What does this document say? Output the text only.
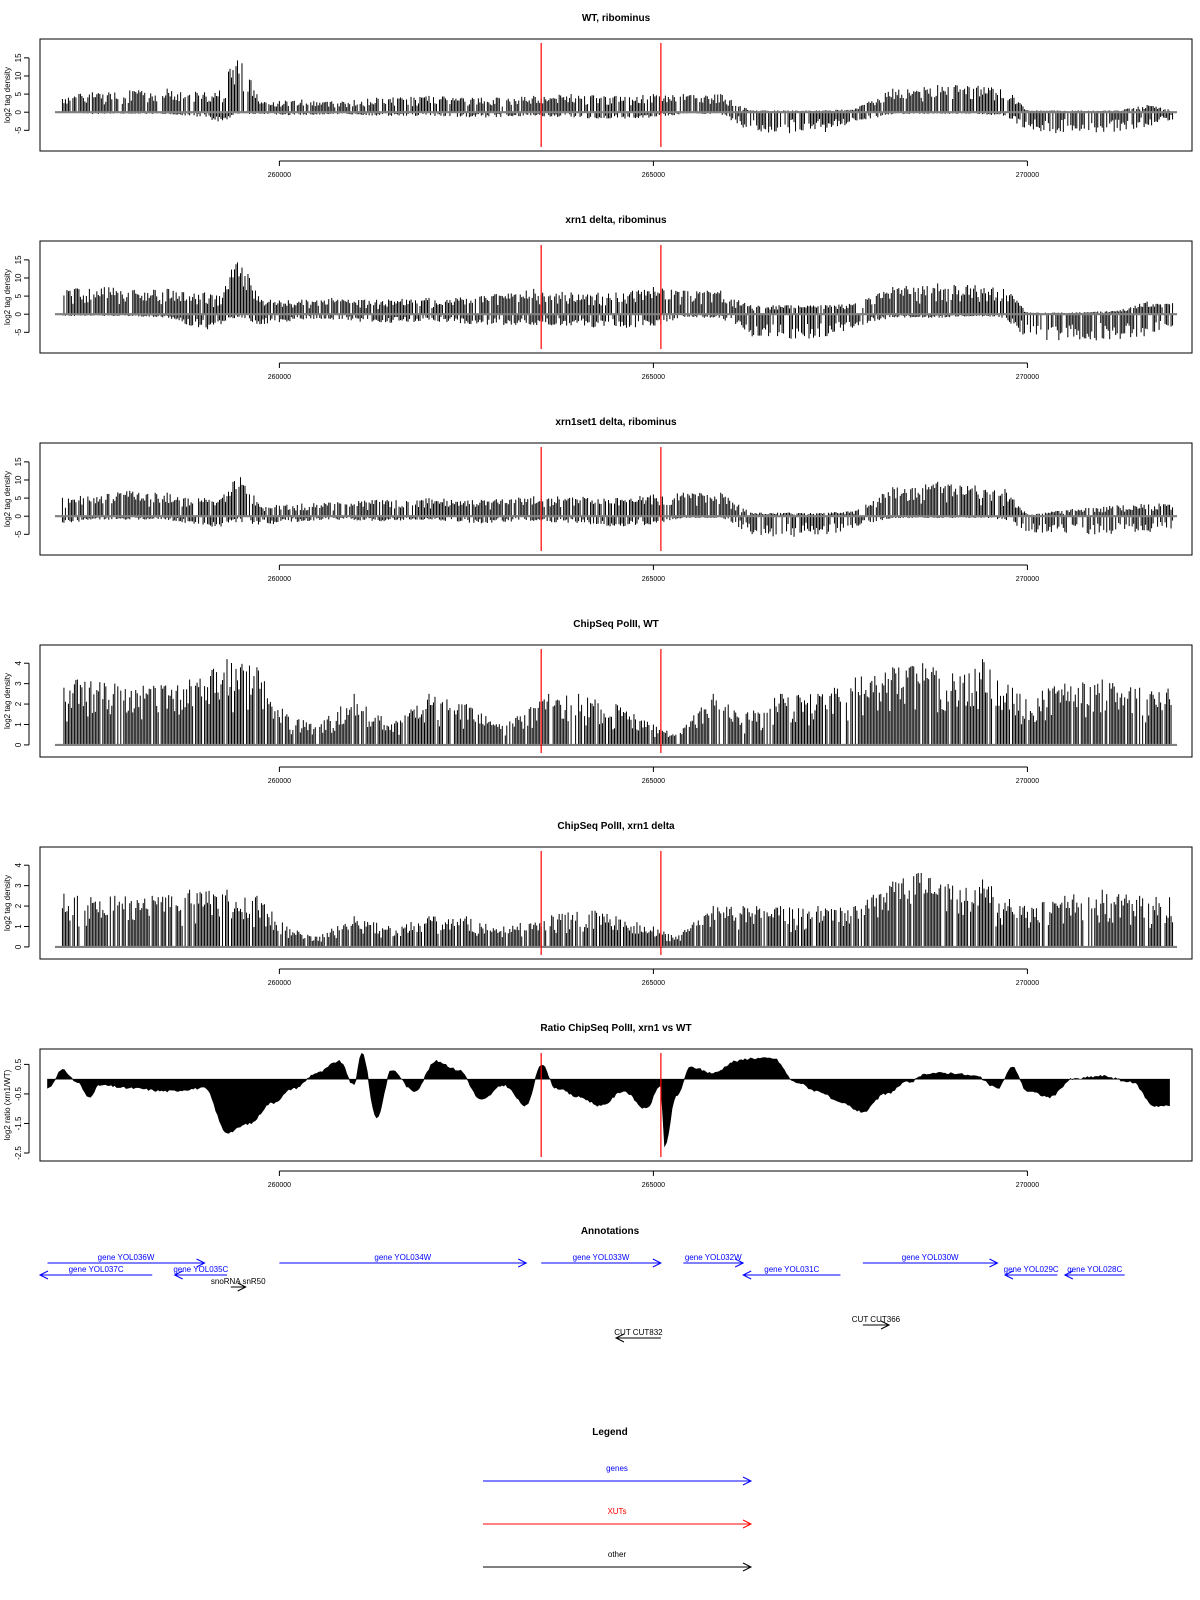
WT, ribominus
-5
0
5
10
15
log2 tag density
260000	265000	270000
xrn1 delta, ribominus
-5
0
5
10
15
log2 tag density
260000	265000	270000
xrn1set1 delta, ribominus
-5
0
5
10
15
log2 tag density
260000	265000	270000
ChipSeq PolII, WT
0
1
2
3
4
log2 tag density
260000	265000	270000
ChipSeq PolII, xrn1 delta
0
1
2
3
4
log2 tag density
260000	265000	270000
Ratio ChipSeq PolII, xrn1 vs WT
-2.5
-1.5
-0.5
0.5
log2 ratio (xrn1/WT)
260000	265000	270000
Annotations
gene YOL037C
gene YOL036W
gene YOL035C
snoRNA snR50
gene YOL034W	gene YOL033W	gene YOL032W
gene YOL031C
gene YOL030W
gene YOL029C gene YOL028C
CUT CUT832
CUT CUT366
Legend
genes
XUTs
other
